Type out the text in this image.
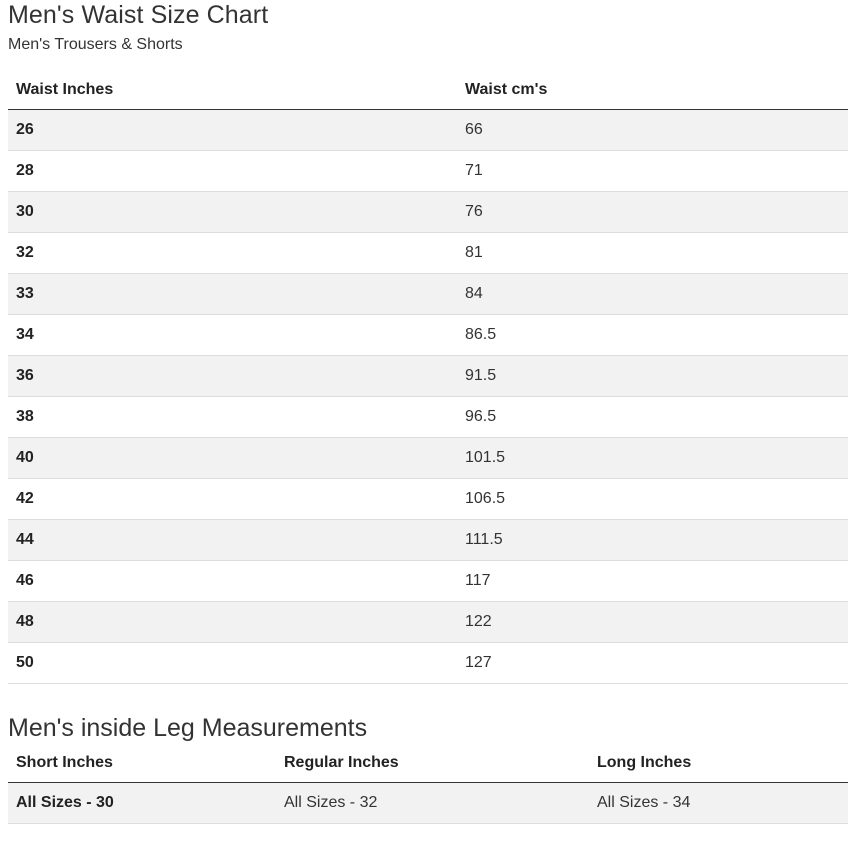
Men's Waist Size Chart
Men's Trousers & Shorts
Waist Inches	Waist cm's
26	66
28	71
30	76
32	81
33	84
34	86.5
36	91.5
38	96.5
40	101.5
42	106.5
44	111.5
46	117
48	122
50	127
Men's inside Leg Measurements
Short Inches	Regular Inches	Long Inches
All Sizes - 30	All Sizes - 32	All Sizes - 34
